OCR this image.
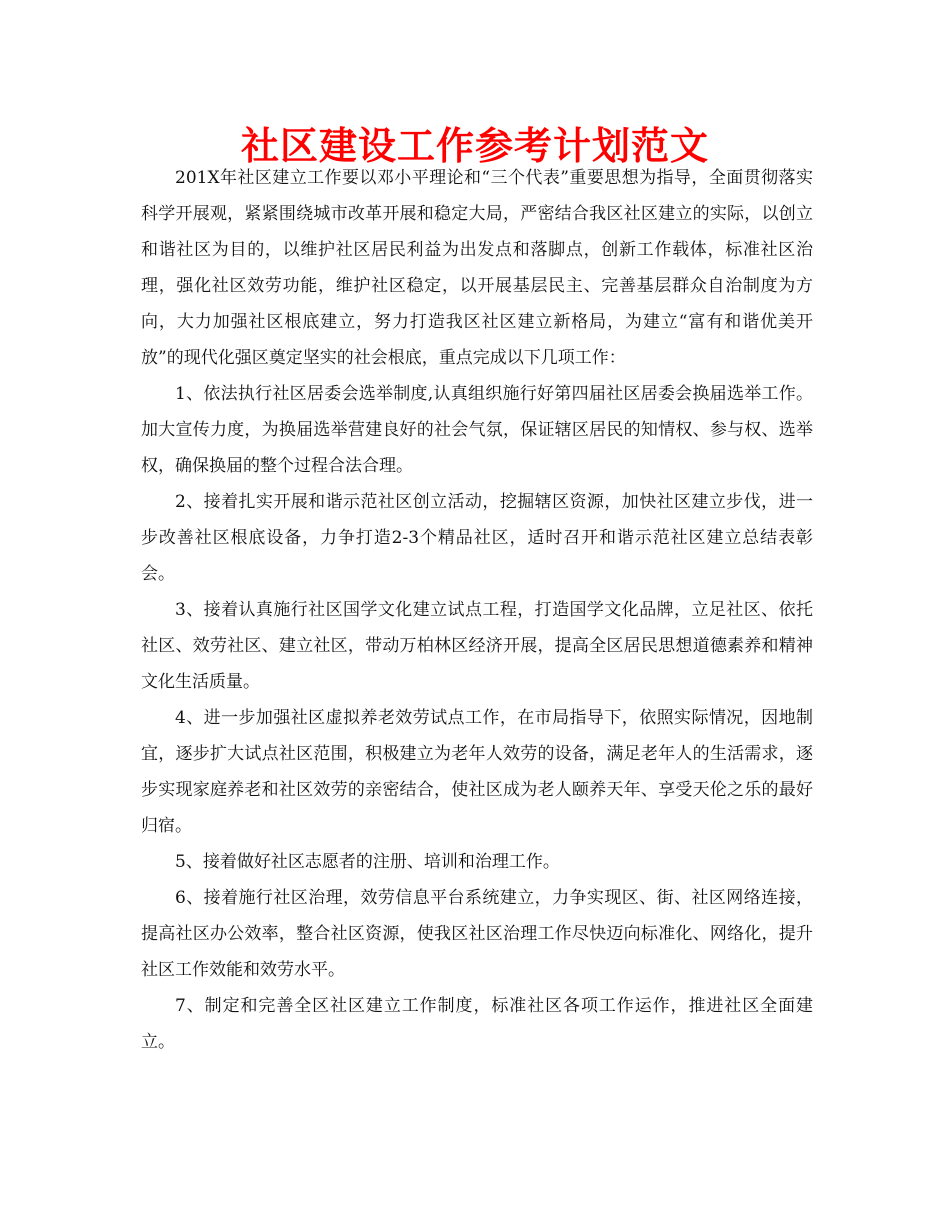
社区建设工作参考计划范文

201X年社区建立工作要以邓小平理论和“三个代表”重要思想为指导，全面贯彻落实科学开展观，紧紧围绕城市改革开展和稳定大局，严密结合我区社区建立的实际，以创立和谐社区为目的，以维护社区居民利益为出发点和落脚点，创新工作载体，标准社区治理，强化社区效劳功能，维护社区稳定，以开展基层民主、完善基层群众自治制度为方向，大力加强社区根底建立，努力打造我区社区建立新格局，为建立“富有和谐优美开放”的现代化强区奠定坚实的社会根底，重点完成以下几项工作：

1、依法执行社区居委会选举制度,认真组织施行好第四届社区居委会换届选举工作。加大宣传力度，为换届选举营建良好的社会气氛，保证辖区居民的知情权、参与权、选举权，确保换届的整个过程合法合理。

2、接着扎实开展和谐示范社区创立活动，挖掘辖区资源，加快社区建立步伐，进一步改善社区根底设备，力争打造2-3个精品社区，适时召开和谐示范社区建立总结表彰会。

3、接着认真施行社区国学文化建立试点工程，打造国学文化品牌，立足社区、依托社区、效劳社区、建立社区，带动万柏林区经济开展，提高全区居民思想道德素养和精神文化生活质量。

4、进一步加强社区虚拟养老效劳试点工作，在市局指导下，依照实际情况，因地制宜，逐步扩大试点社区范围，积极建立为老年人效劳的设备，满足老年人的生活需求，逐步实现家庭养老和社区效劳的亲密结合，使社区成为老人颐养天年、享受天伦之乐的最好归宿。

5、接着做好社区志愿者的注册、培训和治理工作。

6、接着施行社区治理，效劳信息平台系统建立，力争实现区、街、社区网络连接，提高社区办公效率，整合社区资源，使我区社区治理工作尽快迈向标准化、网络化，提升社区工作效能和效劳水平。

7、制定和完善全区社区建立工作制度，标准社区各项工作运作，推进社区全面建立。
